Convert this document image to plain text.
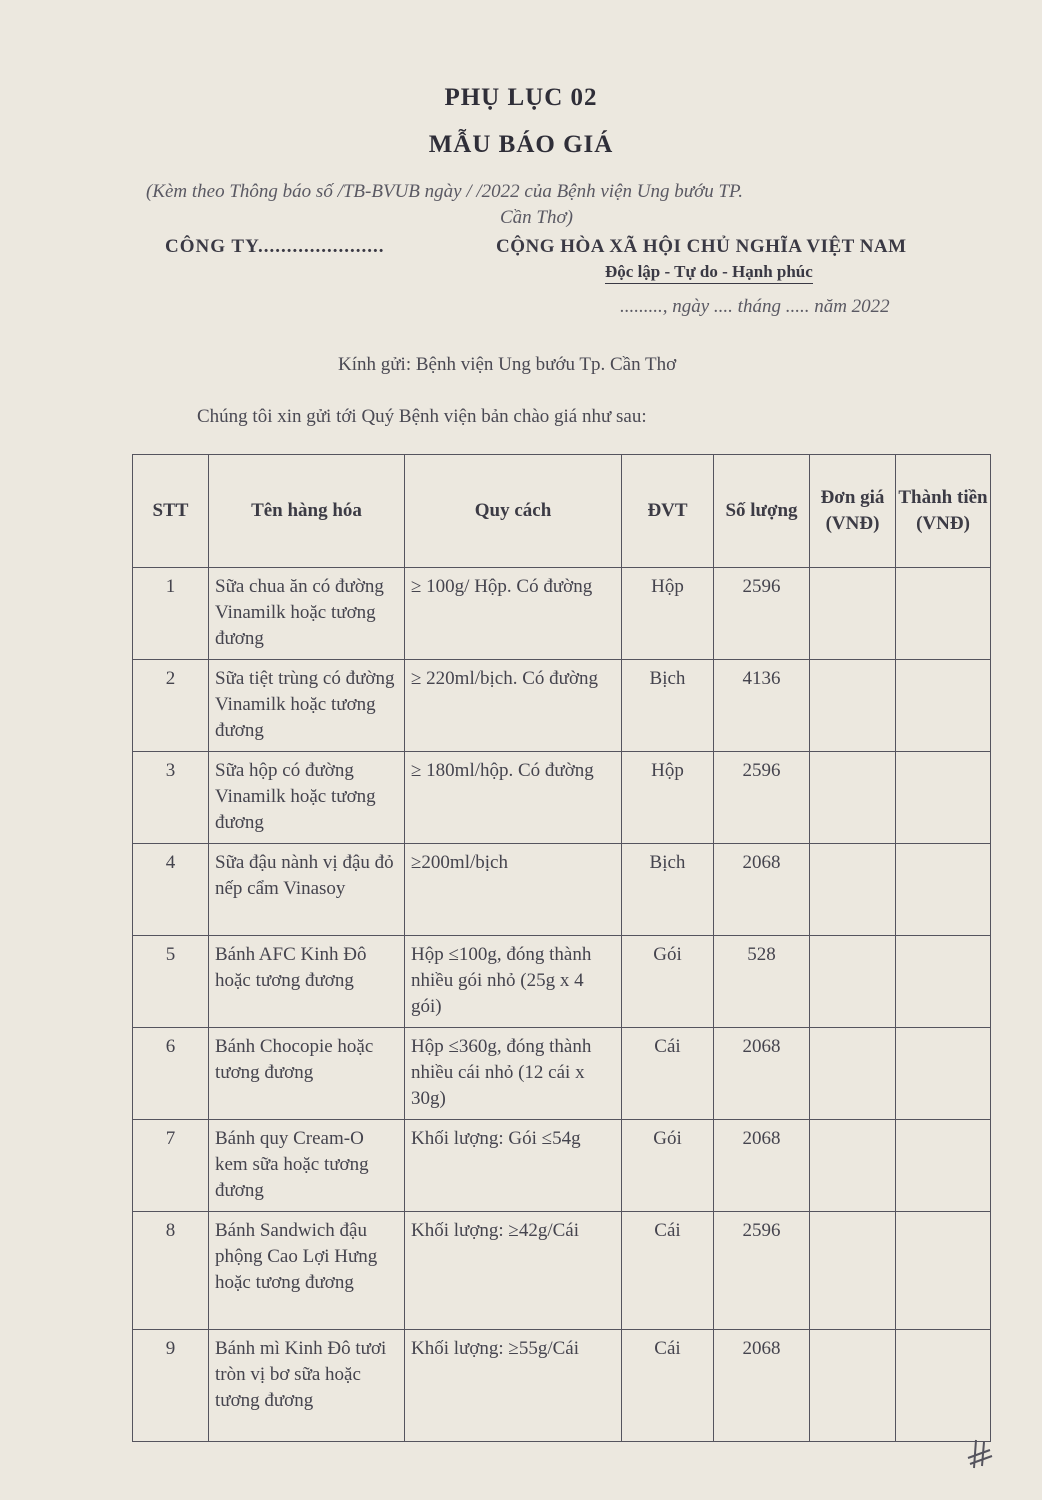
PHỤ LỤC 02
MẪU BÁO GIÁ
(Kèm theo Thông báo số /TB-BVUB ngày / /2022 của Bệnh viện Ung bướu TP.
Cần Thơ)
CÔNG TY......................	CỘNG HÒA XÃ HỘI CHỦ NGHĨA VIỆT NAM
Độc lập - Tự do - Hạnh phúc
........., ngày .... tháng ..... năm 2022
Kính gửi: Bệnh viện Ung bướu Tp. Cần Thơ
Chúng tôi xin gửi tới Quý Bệnh viện bản chào giá như sau:
STT	Tên hàng hóa	Quy cách	ĐVT	Số lượng	Đơn giá (VNĐ)	Thành tiền (VNĐ)
1	Sữa chua ăn có đường Vinamilk hoặc tương đương	≥ 100g/ Hộp. Có đường	Hộp	2596		
2	Sữa tiệt trùng có đường Vinamilk hoặc tương đương	≥ 220ml/bịch. Có đường	Bịch	4136		
3	Sữa hộp có đường Vinamilk hoặc tương đương	≥ 180ml/hộp. Có đường	Hộp	2596		
4	Sữa đậu nành vị đậu đỏ nếp cẩm Vinasoy	≥200ml/bịch	Bịch	2068		
5	Bánh AFC Kinh Đô hoặc tương đương	Hộp ≤100g, đóng thành nhiều gói nhỏ (25g x 4 gói)	Gói	528		
6	Bánh Chocopie hoặc tương đương	Hộp ≤360g, đóng thành nhiều cái nhỏ (12 cái x 30g)	Cái	2068		
7	Bánh quy Cream-O kem sữa hoặc tương đương	Khối lượng: Gói ≤54g	Gói	2068		
8	Bánh Sandwich đậu phộng Cao Lợi Hưng hoặc tương đương	Khối lượng: ≥42g/Cái	Cái	2596		
9	Bánh mì Kinh Đô tươi tròn vị bơ sữa hoặc tương đương	Khối lượng: ≥55g/Cái	Cái	2068		
